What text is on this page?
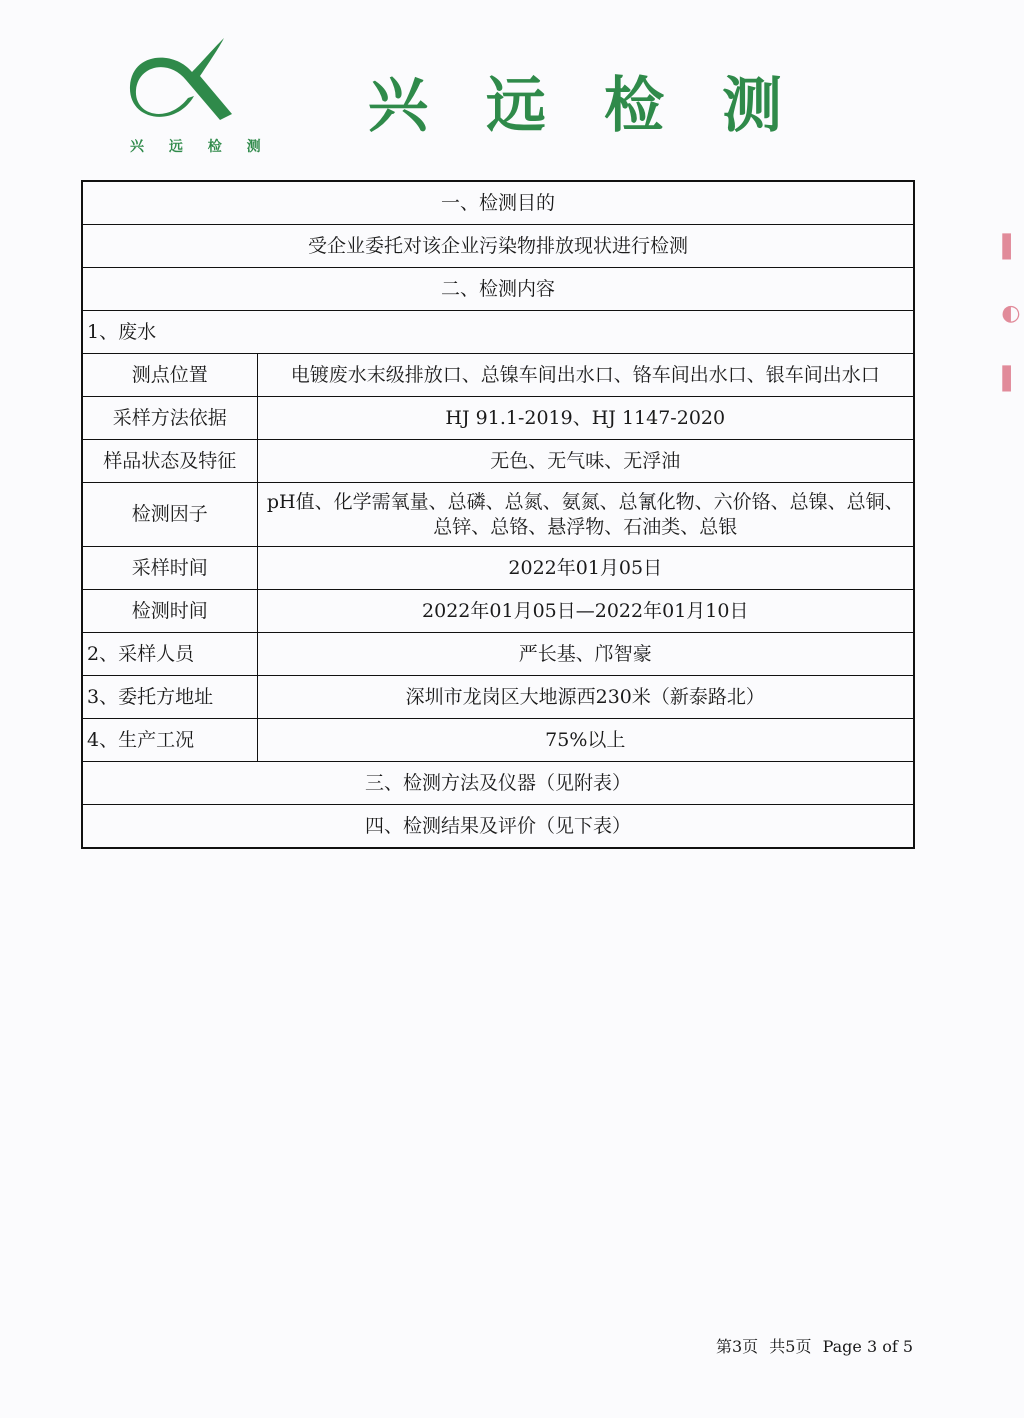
兴 远 检 测
兴远检测
一、检测目的	
受企业委托对该企业污染物排放现状进行检测	
二、检测内容	
1、废水	
测点位置	电镀废水末级排放口、总镍车间出水口、铬车间出水口、银车间出水口
采样方法依据	HJ 91.1-2019、HJ 1147-2020
样品状态及特征	无色、无气味、无浮油
检测因子	pH值、化学需氧量、总磷、总氮、氨氮、总氰化物、六价铬、总镍、总铜、总锌、总铬、悬浮物、石油类、总银
采样时间	2022年01月05日
检测时间	2022年01月05日—2022年01月10日
2、采样人员	严长基、邝智豪
3、委托方地址	深圳市龙岗区大地源西230米（新泰路北）
4、生产工况	75%以上
三、检测方法及仪器（见附表）	
四、检测结果及评价（见下表）	
▌
◐
▌
第3页 共5页 Page 3 of 5
